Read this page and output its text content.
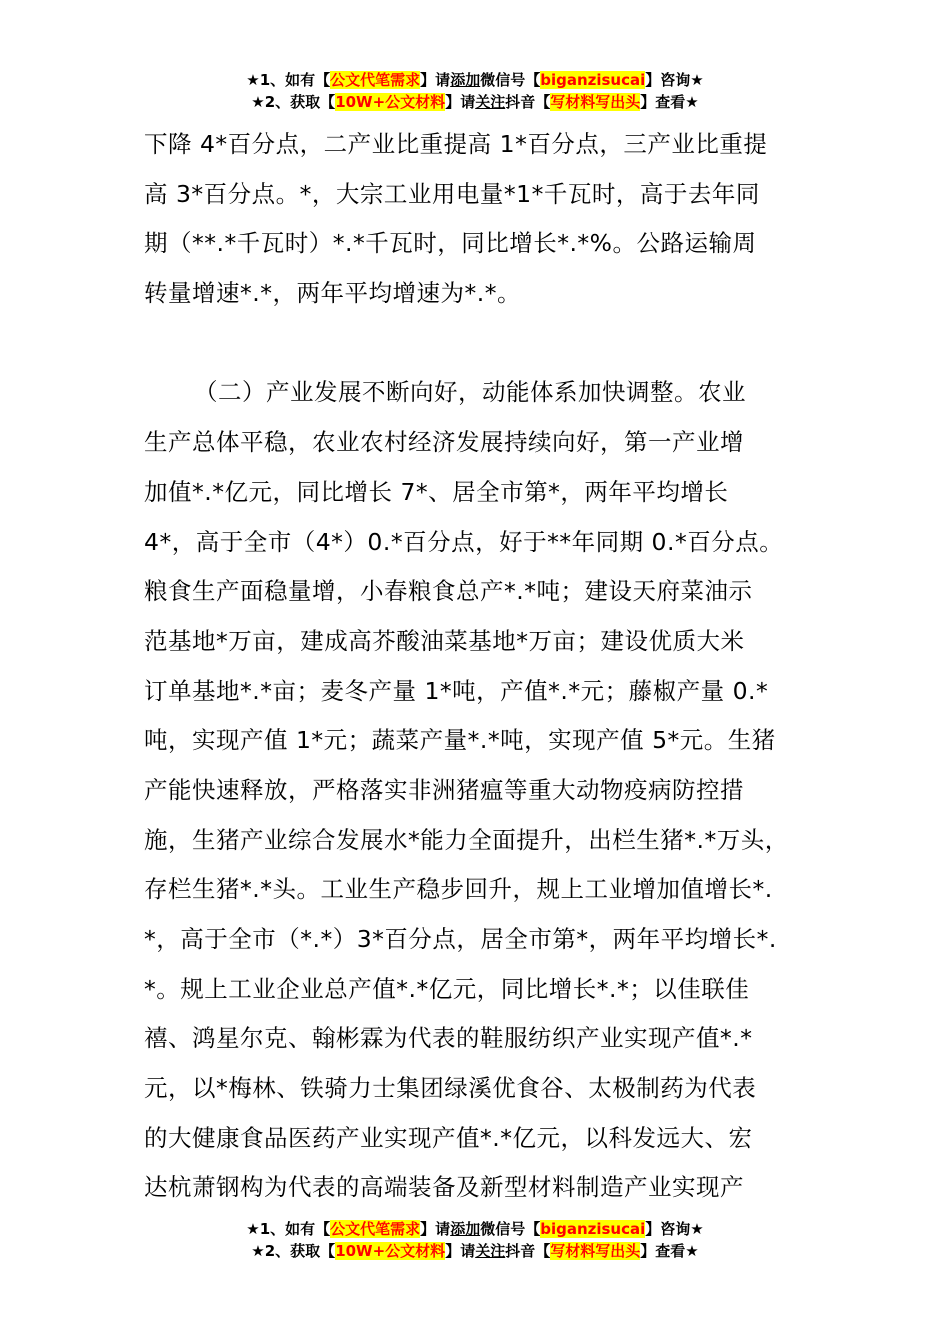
★1、如有【公文代笔需求】请添加微信号【biganzisucai】咨询★
★2、获取【10W+公文材料】请关注抖音【写材料写出头】查看★
下降 4*百分点，二产业比重提高 1*百分点，三产业比重提
高 3*百分点。*，大宗工业用电量*1*千瓦时，高于去年同
期（**.*千瓦时）*.*千瓦时，同比增长*.*%。公路运输周
转量增速*.*，两年平均增速为*.*。
（二）产业发展不断向好，动能体系加快调整。农业
生产总体平稳，农业农村经济发展持续向好，第一产业增
加值*.*亿元，同比增长 7*、居全市第*，两年平均增长
4*，高于全市（4*）0.*百分点，好于**年同期 0.*百分点。
粮食生产面稳量增，小春粮食总产*.*吨；建设天府菜油示
范基地*万亩，建成高芥酸油菜基地*万亩；建设优质大米
订单基地*.*亩；麦冬产量 1*吨，产值*.*元；藤椒产量 0.*
吨，实现产值 1*元；蔬菜产量*.*吨，实现产值 5*元。生猪
产能快速释放，严格落实非洲猪瘟等重大动物疫病防控措
施，生猪产业综合发展水*能力全面提升，出栏生猪*.*万头，
存栏生猪*.*头。工业生产稳步回升，规上工业增加值增长*.
*，高于全市（*.*）3*百分点，居全市第*，两年平均增长*.
*。规上工业企业总产值*.*亿元，同比增长*.*；以佳联佳
禧、鸿星尔克、翰彬霖为代表的鞋服纺织产业实现产值*.*
元，以*梅林、铁骑力士集团绿溪优食谷、太极制药为代表
的大健康食品医药产业实现产值*.*亿元，以科发远大、宏
达杭萧钢构为代表的高端装备及新型材料制造产业实现产
★1、如有【公文代笔需求】请添加微信号【biganzisucai】咨询★
★2、获取【10W+公文材料】请关注抖音【写材料写出头】查看★
